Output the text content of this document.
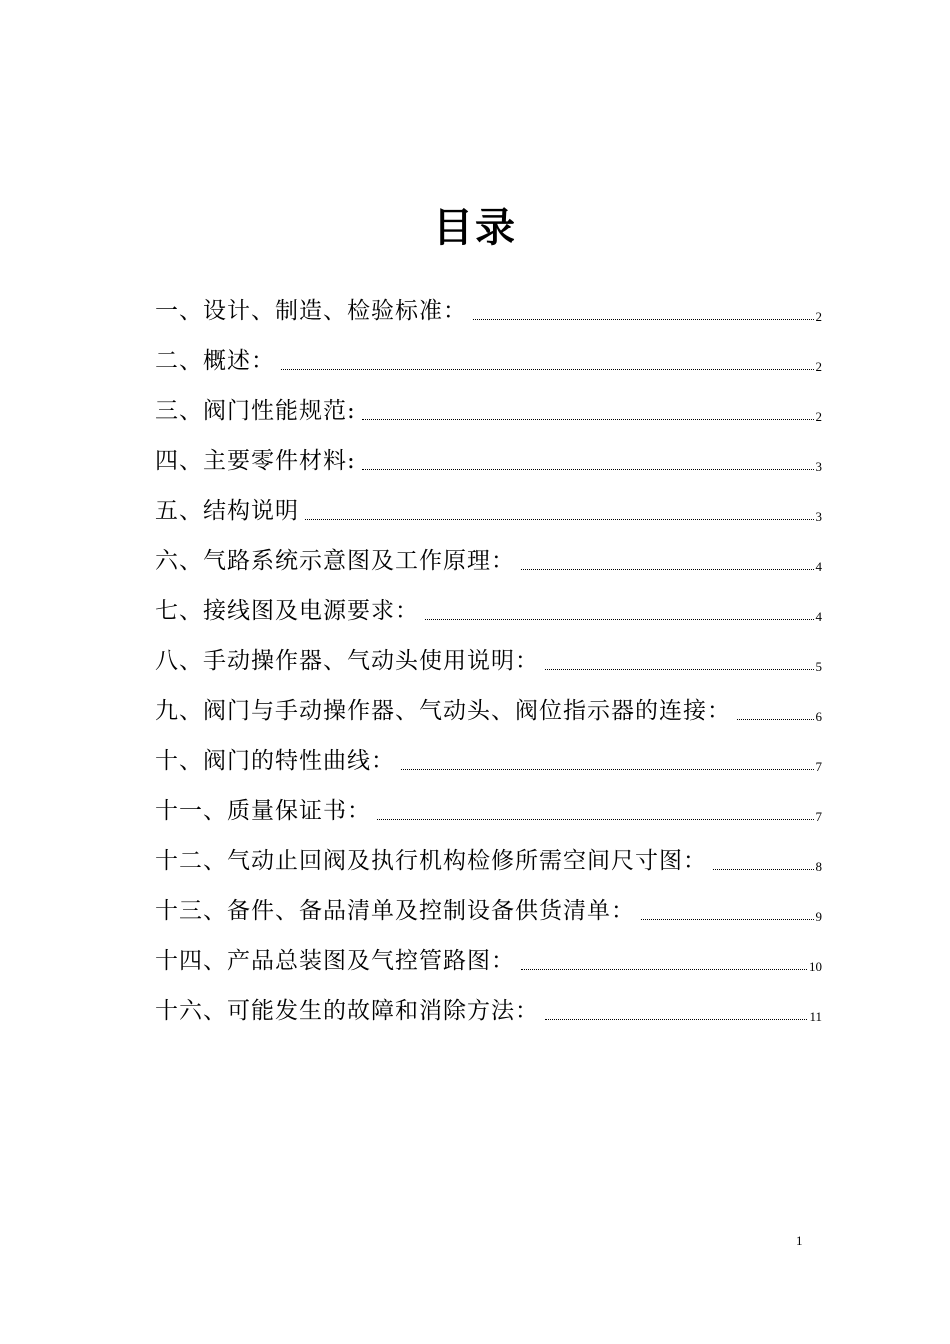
目录
一、设计、制造、检验标准：	2
二、概述：	2
三、阀门性能规范:	2
四、主要零件材料:	3
五、结构说明	3
六、气路系统示意图及工作原理：	4
七、接线图及电源要求：	4
八、手动操作器、气动头使用说明：	5
九、阀门与手动操作器、气动头、阀位指示器的连接：	6
十、阀门的特性曲线：	7
十一、质量保证书：	7
十二、气动止回阀及执行机构检修所需空间尺寸图：	8
十三、备件、备品清单及控制设备供货清单：	9
十四、产品总装图及气控管路图：	10
十六、可能发生的故障和消除方法：	11
1
